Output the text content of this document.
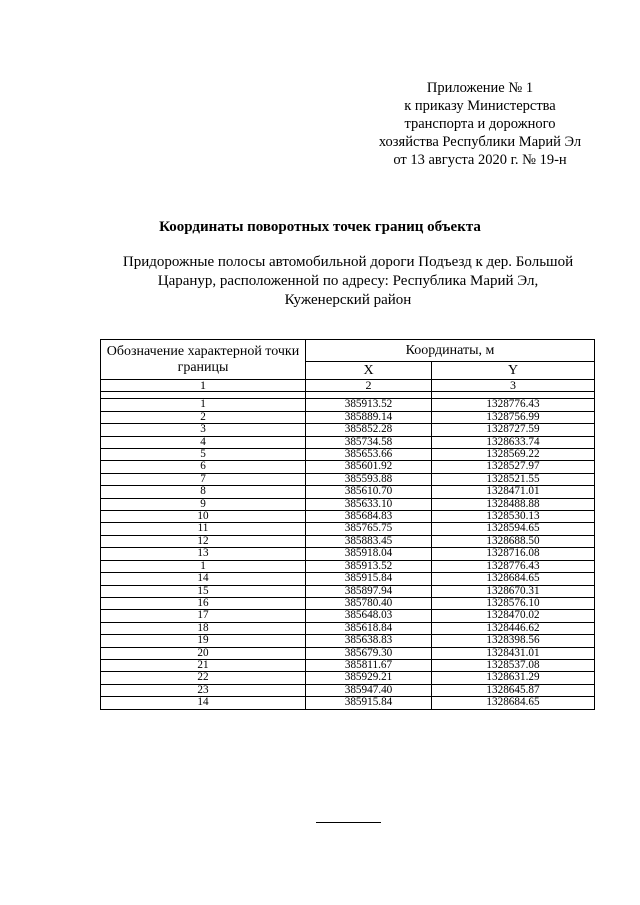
Приложение № 1
к приказу Министерства
транспорта и дорожного
хозяйства Республики Марий Эл
от 13 августа 2020 г. № 19-н
Координаты поворотных точек границ объекта
Придорожные полосы автомобильной дороги Подъезд к дер. Большой
Царанур, расположенной по адресу: Республика Марий Эл,
Куженерский район
Обозначение характерной точки границы	Координаты, м	
	X	Y
1	2	3

1	385913.52	1328776.43
2	385889.14	1328756.99
3	385852.28	1328727.59
4	385734.58	1328633.74
5	385653.66	1328569.22
6	385601.92	1328527.97
7	385593.88	1328521.55
8	385610.70	1328471.01
9	385633.10	1328488.88
10	385684.83	1328530.13
11	385765.75	1328594.65
12	385883.45	1328688.50
13	385918.04	1328716.08
1	385913.52	1328776.43
14	385915.84	1328684.65
15	385897.94	1328670.31
16	385780.40	1328576.10
17	385648.03	1328470.02
18	385618.84	1328446.62
19	385638.83	1328398.56
20	385679.30	1328431.01
21	385811.67	1328537.08
22	385929.21	1328631.29
23	385947.40	1328645.87
14	385915.84	1328684.65
